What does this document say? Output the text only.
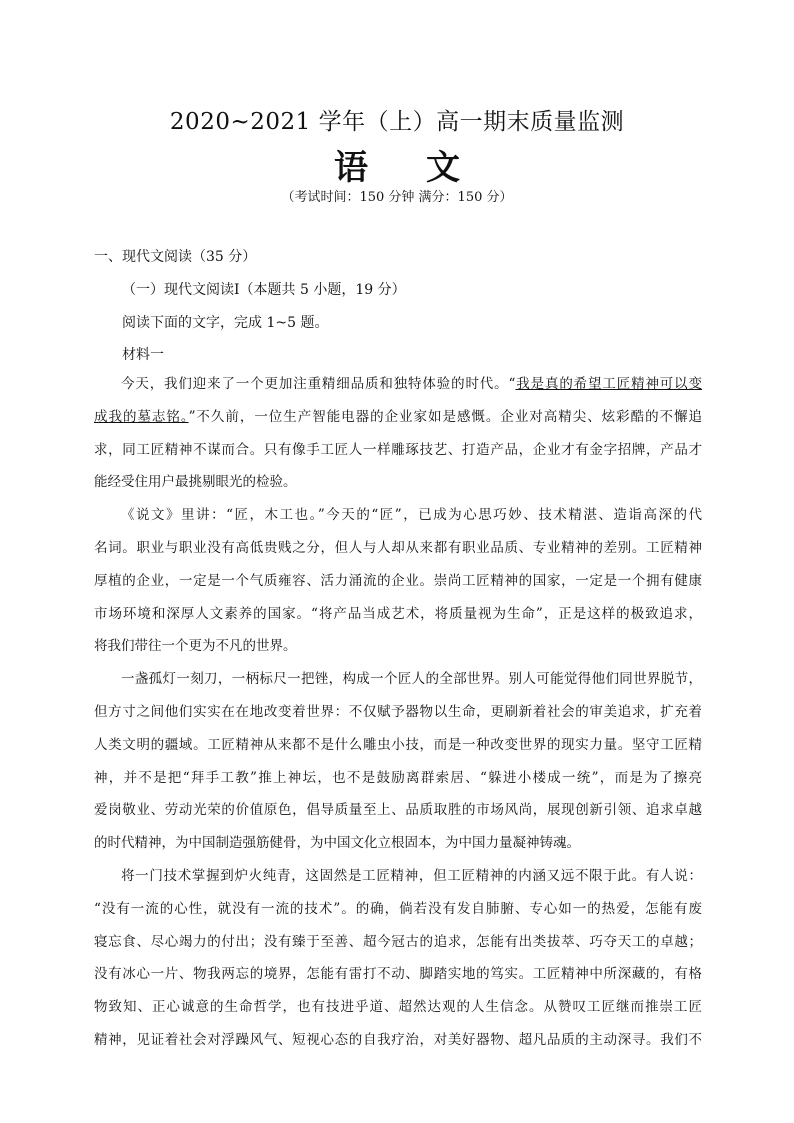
2020~2021 学年（上）高一期末质量监测
语 文
（考试时间：150 分钟 满分：150 分）
一、现代文阅读（35 分）
（一）现代文阅读Ⅰ（本题共 5 小题，19 分）
阅读下面的文字，完成 1~5 题。
材料一
今天，我们迎来了一个更加注重精细品质和独特体验的时代。“我是真的希望工匠精神可以变
成我的墓志铭。”不久前，一位生产智能电器的企业家如是感慨。企业对高精尖、炫彩酷的不懈追
求，同工匠精神不谋而合。只有像手工匠人一样雕琢技艺、打造产品，企业才有金字招牌，产品才
能经受住用户最挑剔眼光的检验。
《说文》里讲：“匠，木工也。”今天的“匠”，已成为心思巧妙、技术精湛、造诣高深的代
名词。职业与职业没有高低贵贱之分，但人与人却从来都有职业品质、专业精神的差别。工匠精神
厚植的企业，一定是一个气质雍容、活力涌流的企业。崇尚工匠精神的国家，一定是一个拥有健康
市场环境和深厚人文素养的国家。“将产品当成艺术，将质量视为生命”，正是这样的极致追求，
将我们带往一个更为不凡的世界。
一盏孤灯一刻刀，一柄标尺一把锉，构成一个匠人的全部世界。别人可能觉得他们同世界脱节，
但方寸之间他们实实在在地改变着世界：不仅赋予器物以生命，更刷新着社会的审美追求，扩充着
人类文明的疆域。工匠精神从来都不是什么雕虫小技，而是一种改变世界的现实力量。坚守工匠精
神，并不是把“拜手工教”推上神坛，也不是鼓励离群索居、“躲进小楼成一统”，而是为了擦亮
爱岗敬业、劳动光荣的价值原色，倡导质量至上、品质取胜的市场风尚，展现创新引领、追求卓越
的时代精神，为中国制造强筋健骨，为中国文化立根固本，为中国力量凝神铸魂。
将一门技术掌握到炉火纯青，这固然是工匠精神，但工匠精神的内涵又远不限于此。有人说：
“没有一流的心性，就没有一流的技术”。的确，倘若没有发自肺腑、专心如一的热爱，怎能有废
寝忘食、尽心竭力的付出；没有臻于至善、超今冠古的追求，怎能有出类拔萃、巧夺天工的卓越；
没有冰心一片、物我两忘的境界，怎能有雷打不动、脚踏实地的笃实。工匠精神中所深藏的，有格
物致知、正心诚意的生命哲学，也有技进乎道、超然达观的人生信念。从赞叹工匠继而推崇工匠
精神，见证着社会对浮躁风气、短视心态的自我疗治，对美好器物、超凡品质的主动深寻。我们不
